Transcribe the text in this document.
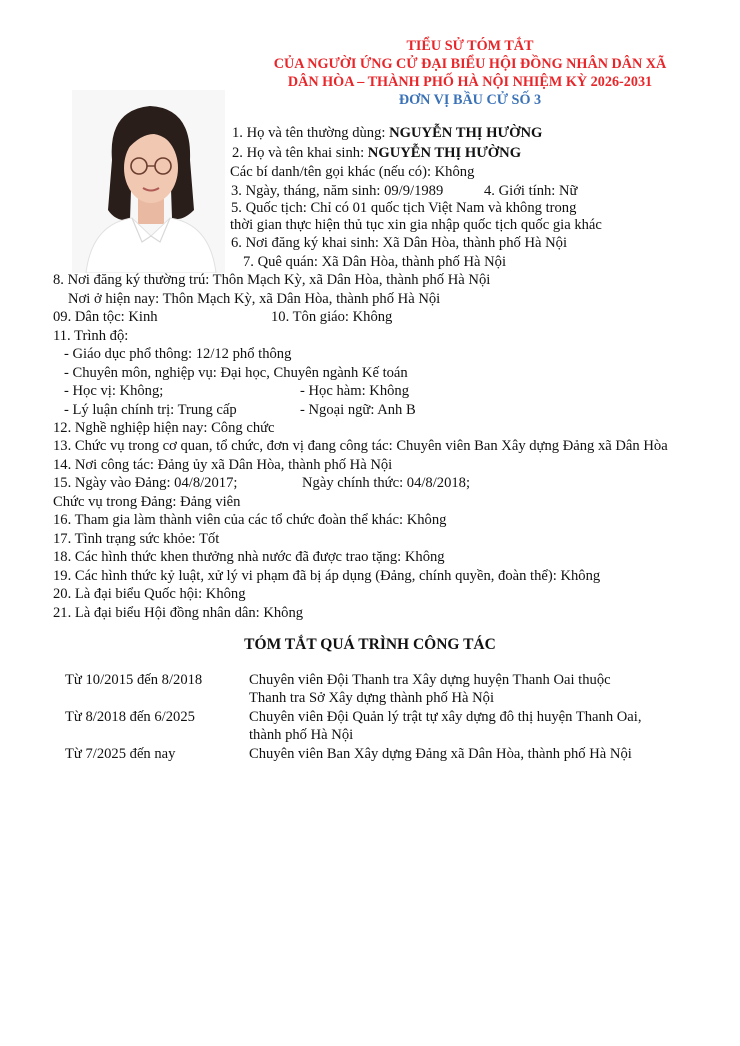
TIỂU SỬ TÓM TẮT
CỦA NGƯỜI ỨNG CỬ ĐẠI BIỂU HỘI ĐỒNG NHÂN DÂN XÃ
DÂN HÒA – THÀNH PHỐ HÀ NỘI NHIỆM KỲ 2026-2031
ĐƠN VỊ BẦU CỬ SỐ 3
1. Họ và tên thường dùng: NGUYỄN THỊ HƯỜNG
2. Họ và tên khai sinh: NGUYỄN THỊ HƯỜNG
Các bí danh/tên gọi khác (nếu có): Không
3. Ngày, tháng, năm sinh: 09/9/1989	4. Giới tính: Nữ
5. Quốc tịch: Chỉ có 01 quốc tịch Việt Nam và không trong
thời gian thực hiện thủ tục xin gia nhập quốc tịch quốc gia khác
6. Nơi đăng ký khai sinh: Xã Dân Hòa, thành phố Hà Nội
7. Quê quán: Xã Dân Hòa, thành phố Hà Nội
8. Nơi đăng ký thường trú: Thôn Mạch Kỳ, xã Dân Hòa, thành phố Hà Nội
Nơi ở hiện nay: Thôn Mạch Kỳ, xã Dân Hòa, thành phố Hà Nội
09. Dân tộc: Kinh	10. Tôn giáo: Không
11. Trình độ:
- Giáo dục phổ thông: 12/12 phổ thông
- Chuyên môn, nghiệp vụ: Đại học, Chuyên ngành Kế toán
- Học vị: Không;	- Học hàm: Không
- Lý luận chính trị: Trung cấp	- Ngoại ngữ: Anh B
12. Nghề nghiệp hiện nay: Công chức
13. Chức vụ trong cơ quan, tổ chức, đơn vị đang công tác: Chuyên viên Ban Xây dựng Đảng xã Dân Hòa
14. Nơi công tác: Đảng ủy xã Dân Hòa, thành phố Hà Nội
15. Ngày vào Đảng: 04/8/2017;	Ngày chính thức: 04/8/2018;
Chức vụ trong Đảng: Đảng viên
16. Tham gia làm thành viên của các tổ chức đoàn thể khác: Không
17. Tình trạng sức khỏe: Tốt
18. Các hình thức khen thưởng nhà nước đã được trao tặng: Không
19. Các hình thức kỷ luật, xử lý vi phạm đã bị áp dụng (Đảng, chính quyền, đoàn thể): Không
20. Là đại biểu Quốc hội: Không
21. Là đại biểu Hội đồng nhân dân: Không
TÓM TẮT QUÁ TRÌNH CÔNG TÁC
Từ 10/2015 đến 8/2018	Chuyên viên Đội Thanh tra Xây dựng huyện Thanh Oai thuộc
Thanh tra Sở Xây dựng thành phố Hà Nội
Từ 8/2018 đến 6/2025	Chuyên viên Đội Quản lý trật tự xây dựng đô thị huyện Thanh Oai,
thành phố Hà Nội
Từ 7/2025 đến nay	Chuyên viên Ban Xây dựng Đảng xã Dân Hòa, thành phố Hà Nội
